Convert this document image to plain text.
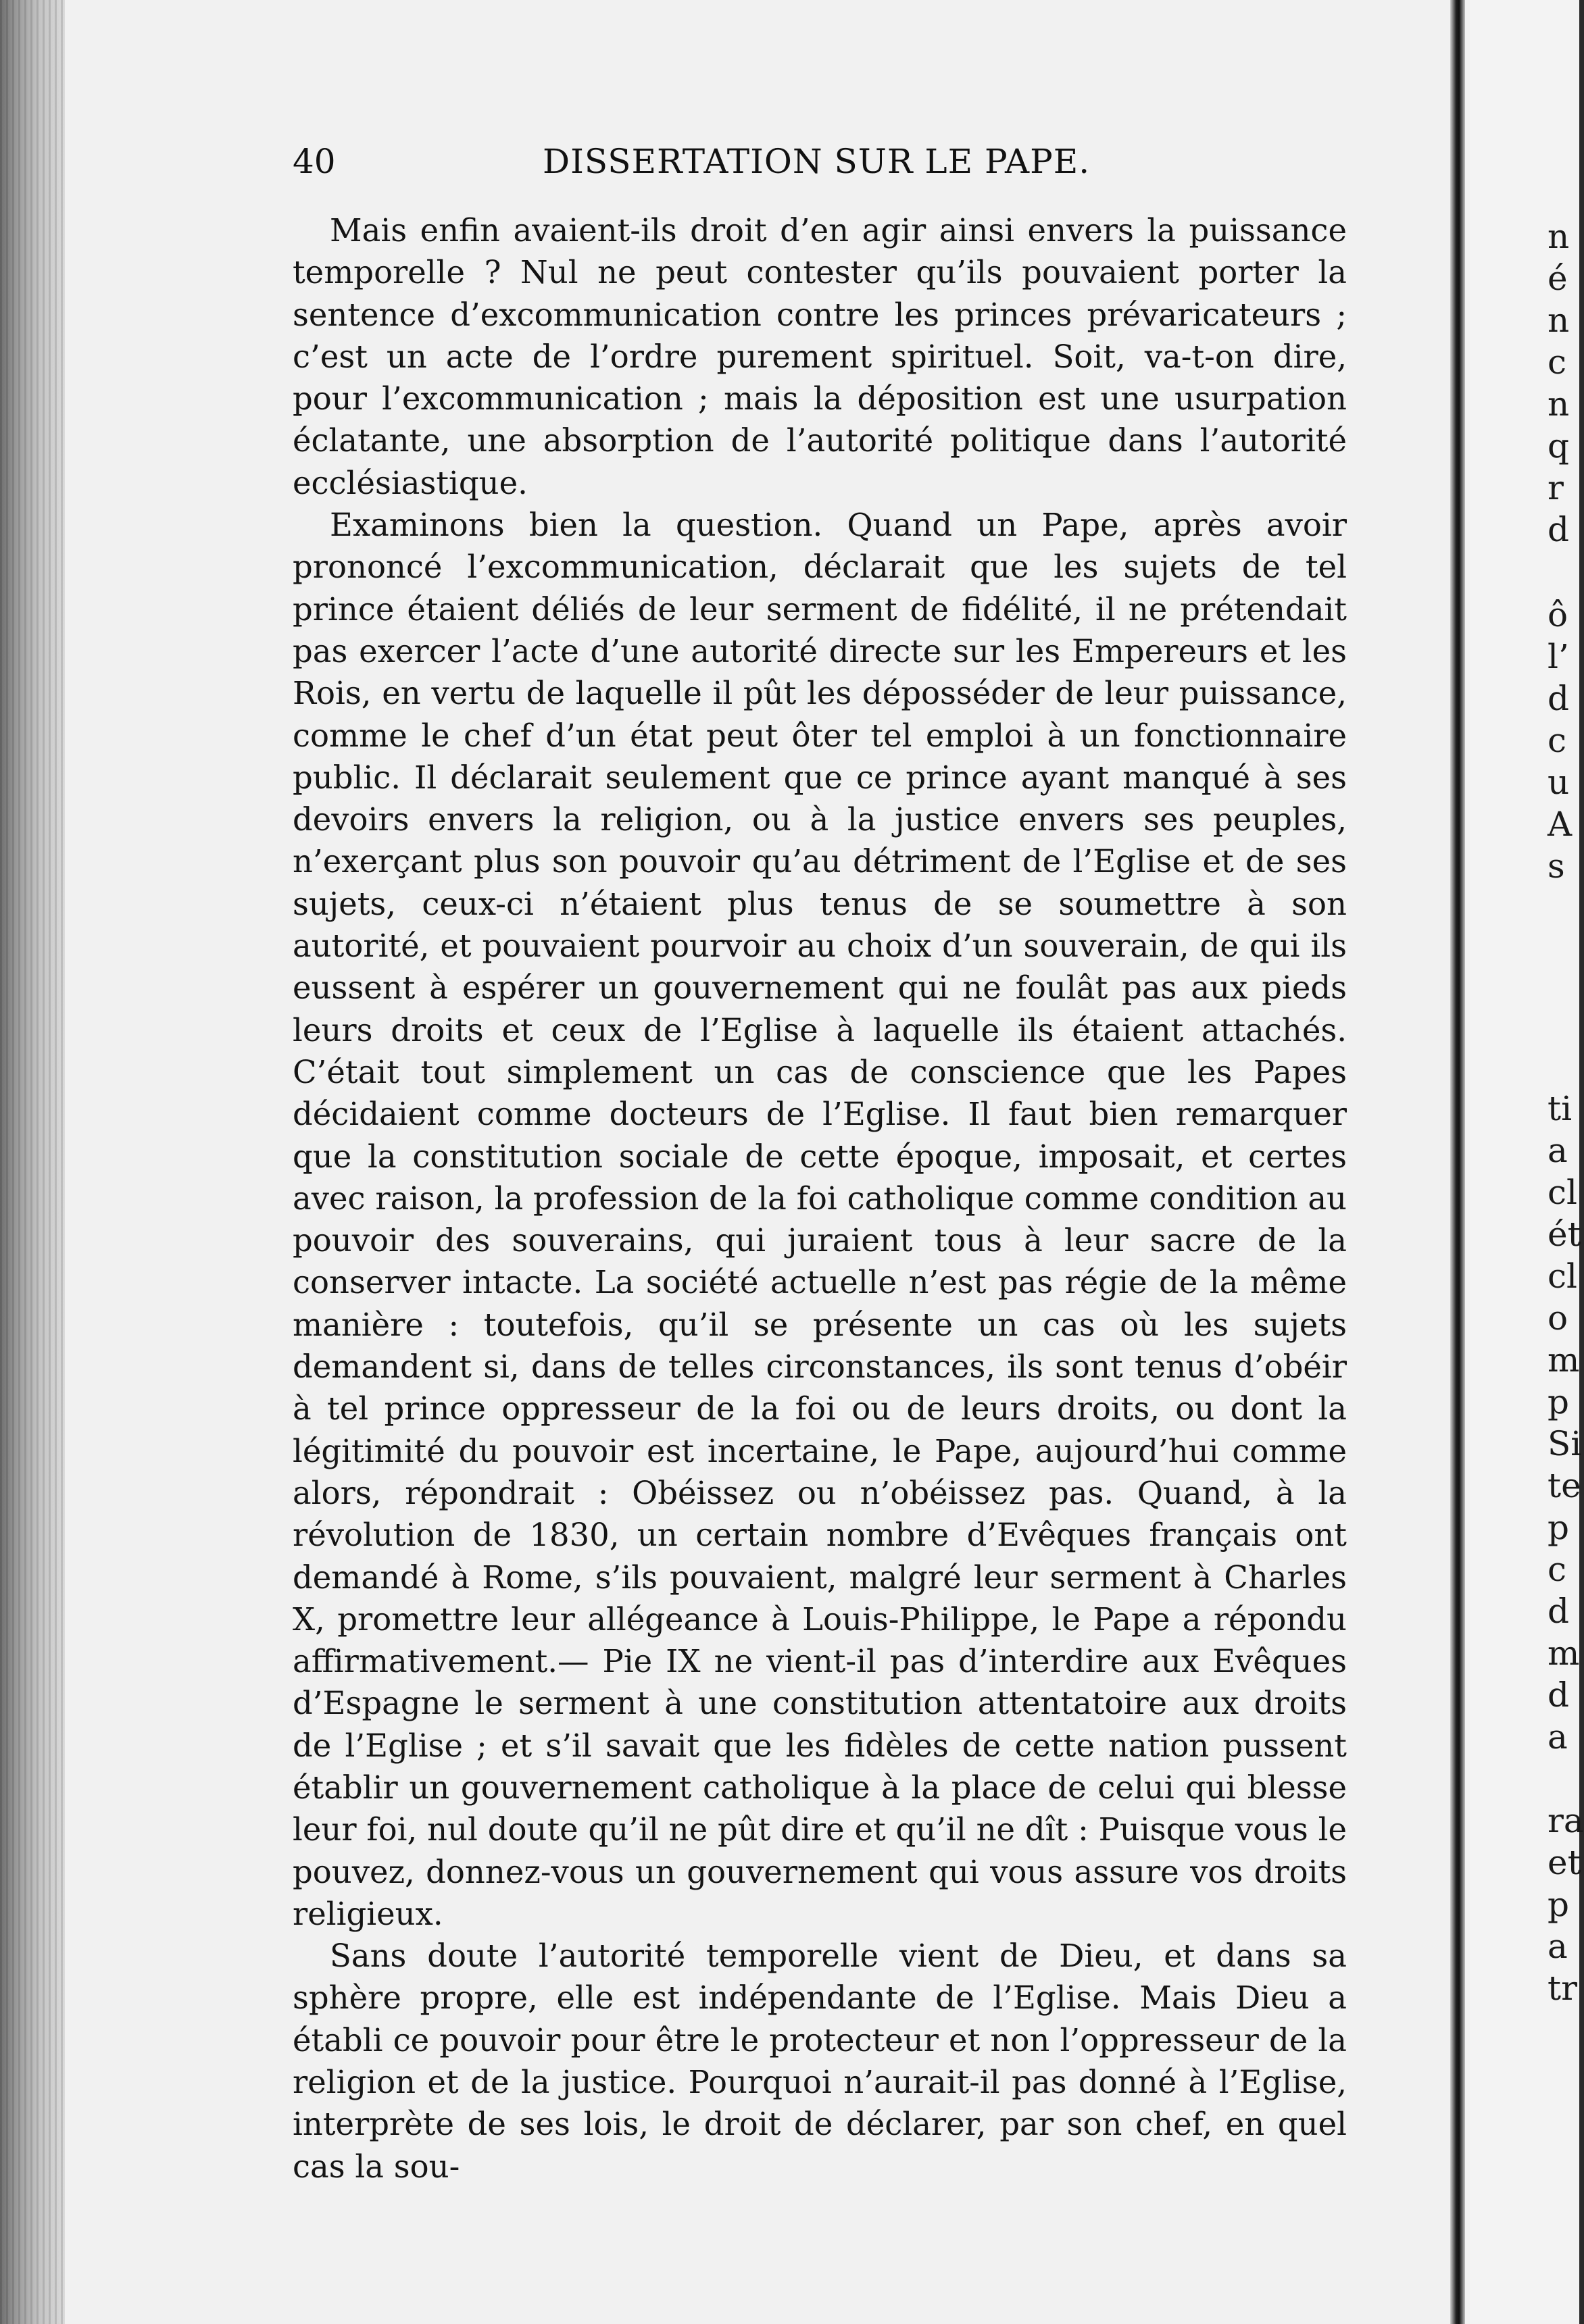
40	DISSERTATION SUR LE PAPE.

Mais enfin avaient-ils droit d’en agir ainsi envers la puissance temporelle ? Nul ne peut contester qu’ils pouvaient porter la sentence d’excommunication contre les princes prévaricateurs ; c’est un acte de l’ordre purement spirituel. Soit, va-t-on dire, pour l’excommunication ; mais la déposition est une usurpation éclatante, une absorption de l’autorité politique dans l’autorité ecclésiastique.

Examinons bien la question. Quand un Pape, après avoir prononcé l’excommunication, déclarait que les sujets de tel prince étaient déliés de leur serment de fidélité, il ne prétendait pas exercer l’acte d’une autorité directe sur les Empereurs et les Rois, en vertu de laquelle il pût les déposséder de leur puissance, comme le chef d’un état peut ôter tel emploi à un fonctionnaire public. Il déclarait seulement que ce prince ayant manqué à ses devoirs envers la religion, ou à la justice envers ses peuples, n’exerçant plus son pouvoir qu’au détriment de l’Eglise et de ses sujets, ceux-ci n’étaient plus tenus de se soumettre à son autorité, et pouvaient pourvoir au choix d’un souverain, de qui ils eussent à espérer un gouvernement qui ne foulât pas aux pieds leurs droits et ceux de l’Eglise à laquelle ils étaient attachés. C’était tout simplement un cas de conscience que les Papes décidaient comme docteurs de l’Eglise. Il faut bien remarquer que la constitution sociale de cette époque, imposait, et certes avec raison, la profession de la foi catholique comme condition au pouvoir des souverains, qui juraient tous à leur sacre de la conserver intacte. La société actuelle n’est pas régie de la même manière : toutefois, qu’il se présente un cas où les sujets demandent si, dans de telles circonstances, ils sont tenus d’obéir à tel prince oppresseur de la foi ou de leurs droits, ou dont la légitimité du pouvoir est incertaine, le Pape, aujourd’hui comme alors, répondrait : Obéissez ou n’obéissez pas. Quand, à la révolution de 1830, un certain nombre d’Evêques français ont demandé à Rome, s’ils pouvaient, malgré leur serment à Charles X, promettre leur allégeance à Louis-Philippe, le Pape a répondu affirmativement.— Pie IX ne vient-il pas d’interdire aux Evêques d’Espagne le serment à une constitution attentatoire aux droits de l’Eglise ; et s’il savait que les fidèles de cette nation pussent établir un gouvernement catholique à la place de celui qui blesse leur foi, nul doute qu’il ne pût dire et qu’il ne dît : Puisque vous le pouvez, donnez-vous un gouvernement qui vous assure vos droits religieux.

Sans doute l’autorité temporelle vient de Dieu, et dans sa sphère propre, elle est indépendante de l’Eglise. Mais Dieu a établi ce pouvoir pour être le protecteur et non l’oppresseur de la religion et de la justice. Pourquoi n’aurait-il pas donné à l’Eglise, interprète de ses lois, le droit de déclarer, par son chef, en quel cas la sou-

n
é
n
c
n
q
r
d
ô
l’
d
c
u
A
s
ti
a
cl
ét
cl
o
m
p
Si
te
p
c
d
m
d
a
ra
et
p
a
tr
